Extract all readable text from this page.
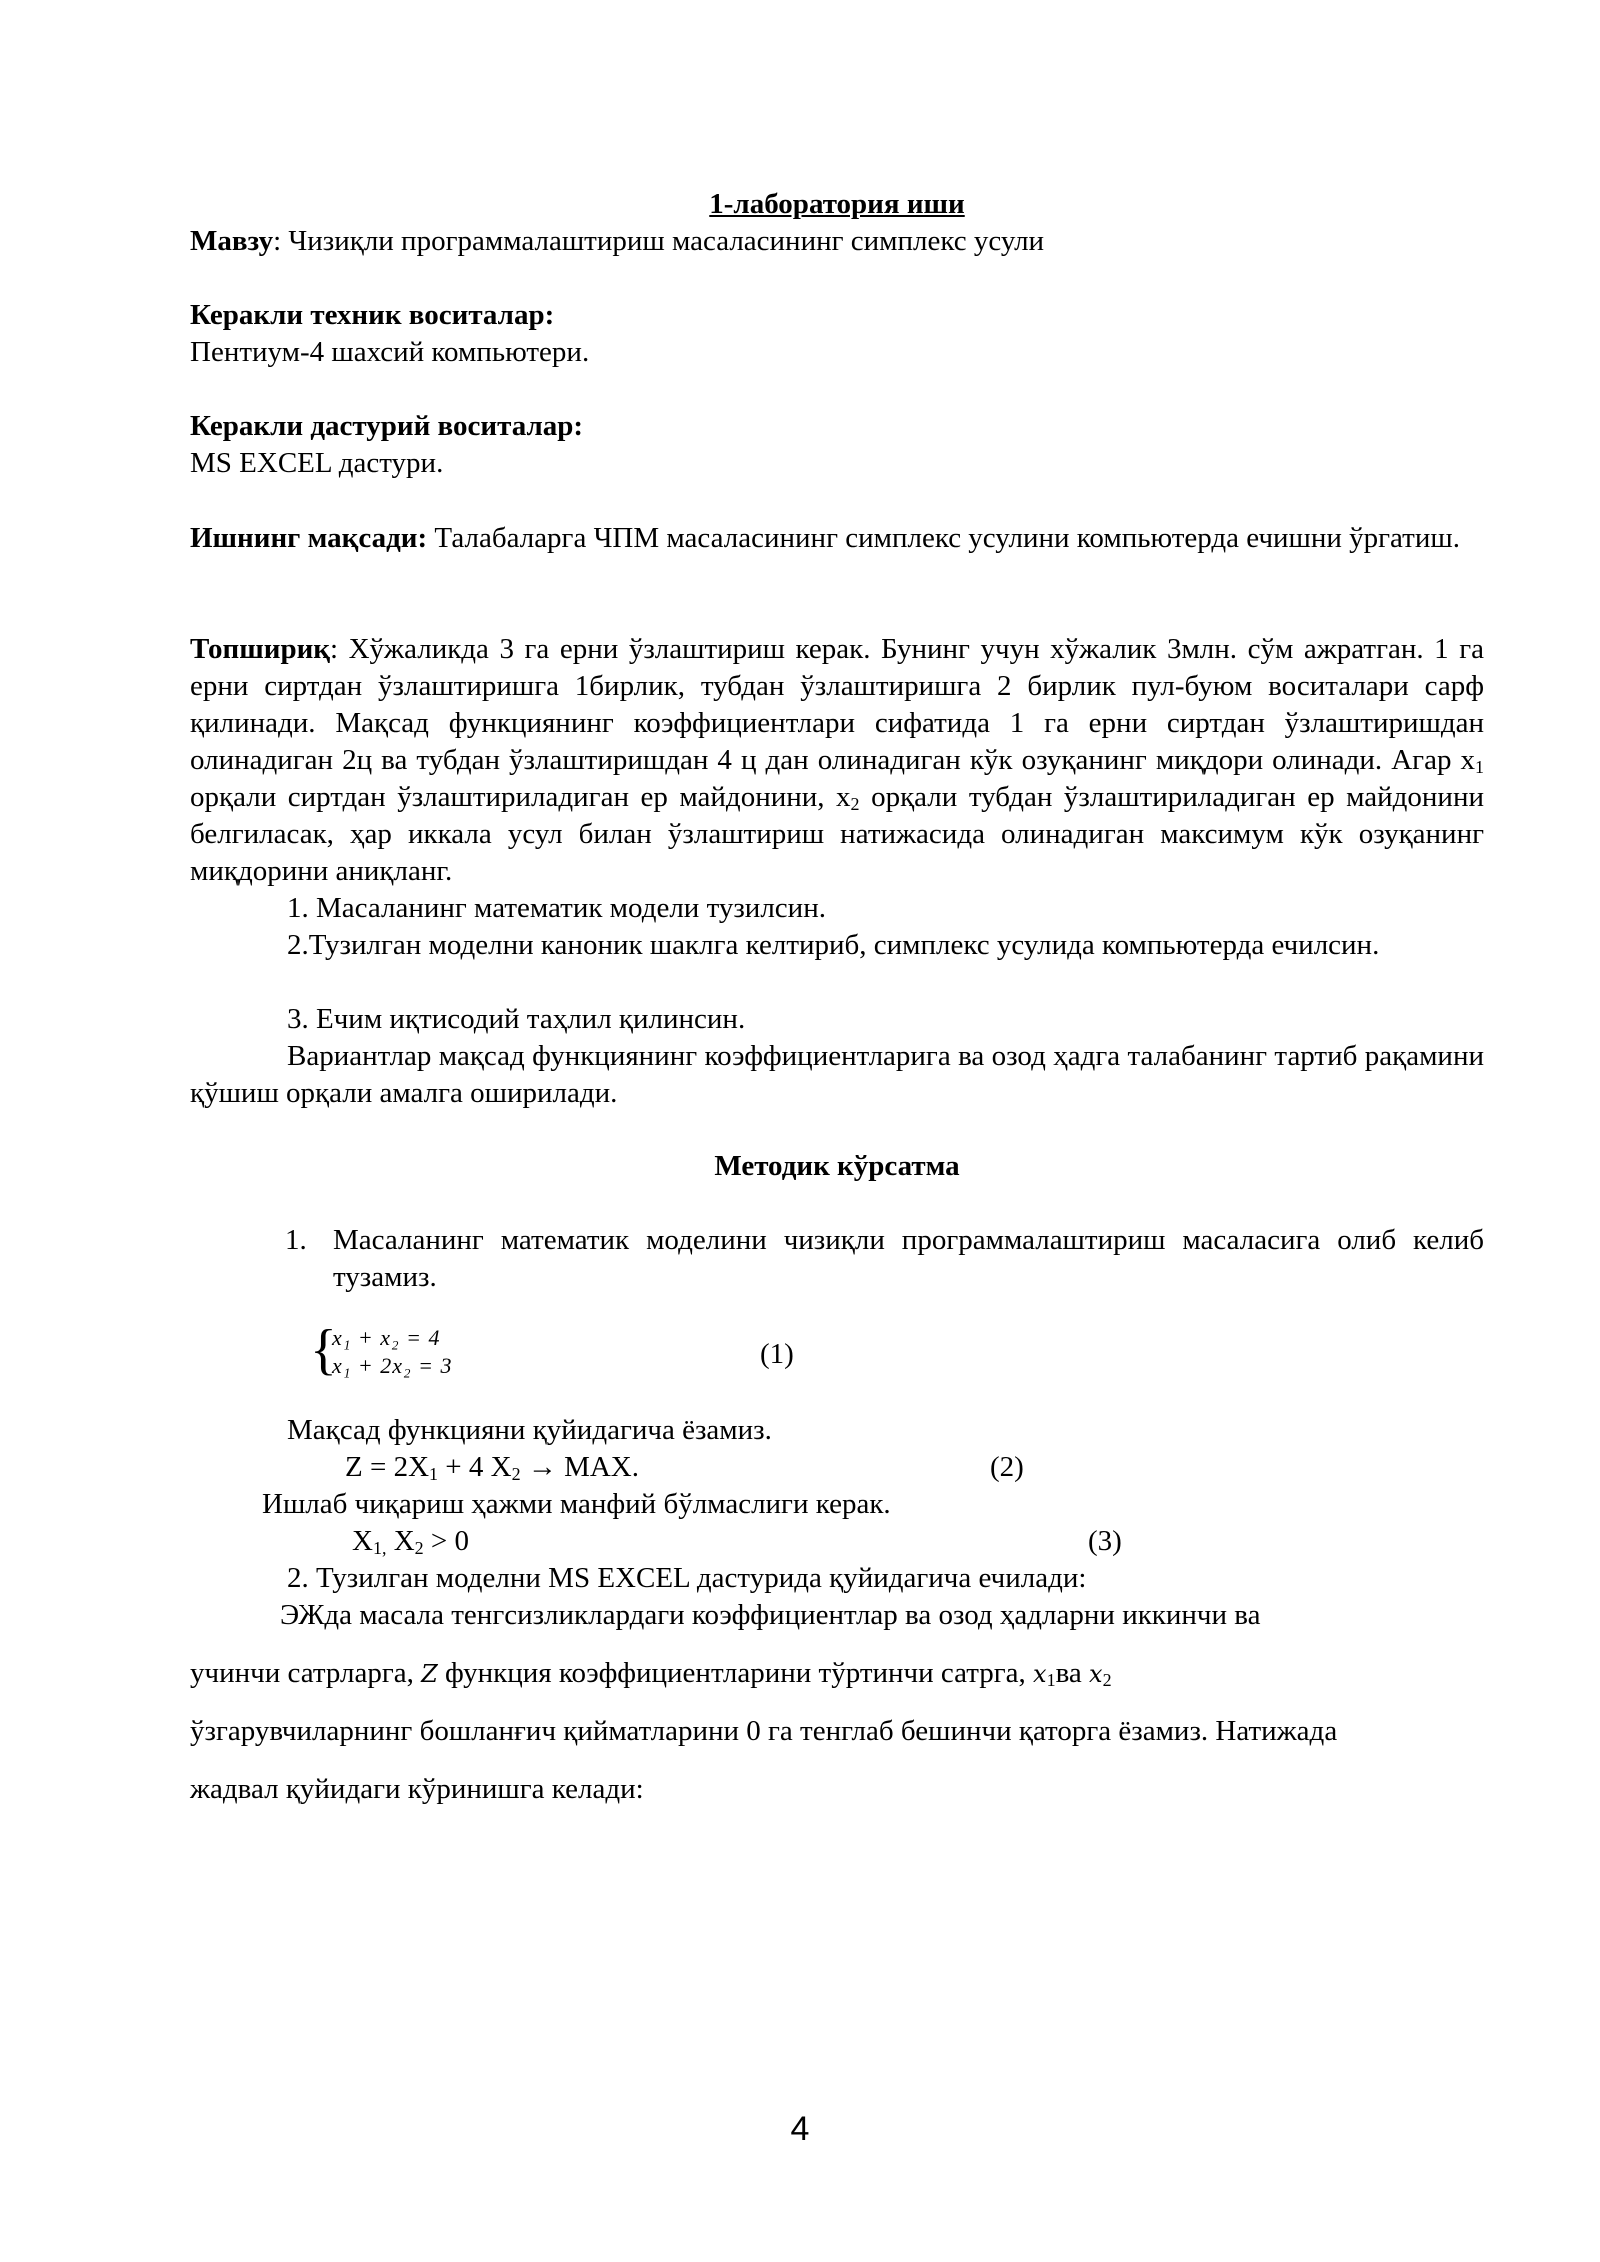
1-лаборатория иши
Мавзу: Чизиқли программалаштириш масаласининг симплекс усули
Керакли техник воситалар:
Пентиум-4 шахсий компьютери.
Керакли дастурий воситалар:
MS EXCEL дастури.
Ишнинг мақсади: Талабаларга ЧПМ масаласининг симплекс усулини компьютерда ечишни ўргатиш.
Топшириқ: Хўжаликда 3 га ерни ўзлаштириш керак. Бунинг учун хўжалик 3млн. сўм ажратган. 1 га ерни сиртдан ўзлаштиришга 1бирлик, тубдан ўзлаштиришга 2 бирлик пул-буюм воситалари сарф қилинади. Мақсад функциянинг коэффициентлари сифатида 1 га ерни сиртдан ўзлаштиришдан олинадиган 2ц ва тубдан ўзлаштиришдан 4 ц дан олинадиган кўк озуқанинг миқдори олинади. Агар $x_1$ орқали сиртдан ўзлаштириладиган ер майдонини, $x_2$ орқали тубдан ўзлаштириладиган ер майдонини белгиласак, ҳар иккала усул билан ўзлаштириш натижасида олинадиган максимум кўк озуқанинг миқдорини аниқланг.
1. Масаланинг математик модели тузилсин.
2.Тузилган моделни каноник шаклга келтириб, симплекс усулида компьютерда ечилсин.
3. Ечим иқтисодий таҳлил қилинсин.
Вариантлар мақсад функциянинг коэффициентларига ва озод ҳадга талабанинг тартиб рақамини қўшиш орқали амалга оширилади.
Методик кўрсатма
1. Масаланинг математик моделини чизиқли программалаштириш масаласига олиб келиб тузамиз.
{
x₁ + x₂ = 4
x₁ + 2x₂ = 3	(1)
Мақсад функцияни қуйидагича ёзамиз.
$Z = 2X_1 + 4$ $X_2$ → MAX.	(2)
Ишлаб чиқариш ҳажми манфий бўлмаслиги керак.
$X_{1,}$ $X_2 > 0$	(3)
2. Тузилган моделни MS EXCEL дастурида қуйидагича ечилади:
ЭЖда масала тенгсизликлардаги коэффициентлар ва озод ҳадларни иккинчи ва
учинчи сатрларга, Z функция коэффициентларини тўртинчи сатрга, $x_1ва$ $x_2$
ўзгарувчиларнинг бошланғич қийматларини 0 га тенглаб бешинчи қаторга ёзамиз. Натижада
жадвал қуйидаги кўринишга келади:
4
